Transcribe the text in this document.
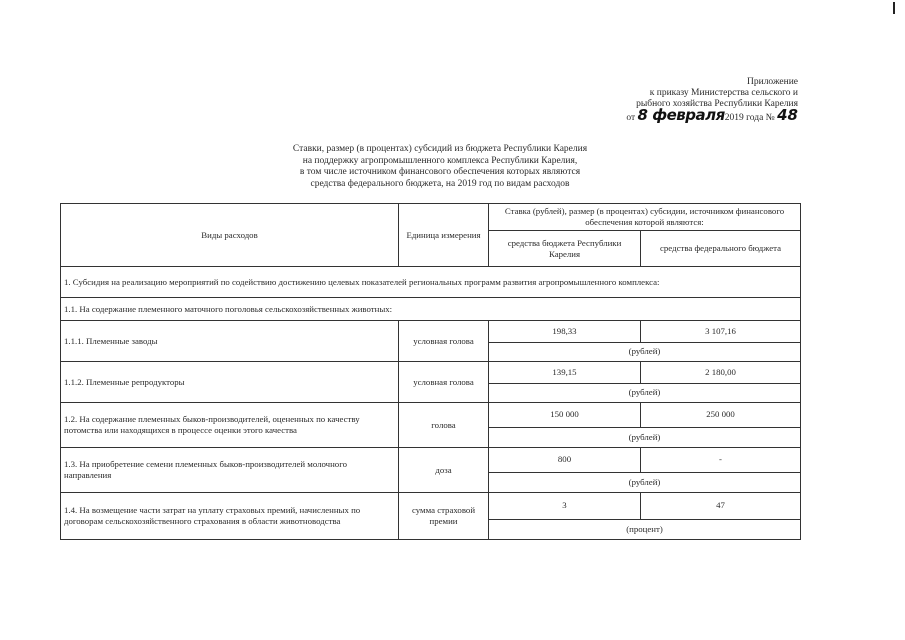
Приложение
к приказу Министерства сельского и
рыбного хозяйства Республики Карелия
от 8 февраля2019 года № 48
Ставки, размер (в процентах) субсидий из бюджета Республики Карелия
на поддержку агропромышленного комплекса Республики Карелия,
в том числе источником финансового обеспечения которых являются
средства федерального бюджета, на 2019 год по видам расходов
Виды расходов	Единица измерения	Ставка (рублей), размер (в процентах) субсидии, источником финансового обеспечения которой являются:	
		средства бюджета Республики Карелия	средства федерального бюджета
1. Субсидия на реализацию мероприятий по содействию достижению целевых показателей региональных программ развития агропромышленного комплекса:			
1.1. На содержание племенного маточного поголовья сельскохозяйственных животных:			
1.1.1. Племенные заводы	условная голова	198,33	3 107,16
		(рублей)	
1.1.2. Племенные репродукторы	условная голова	139,15	2 180,00
		(рублей)	
1.2. На содержание племенных быков-производителей, оцененных по качеству потомства или находящихся в процессе оценки этого качества	голова	150 000	250 000
		(рублей)	
1.3. На приобретение семени племенных быков-производителей молочного направления	доза	800	-
		(рублей)	
1.4. На возмещение части затрат на уплату страховых премий, начисленных по договорам сельскохозяйственного страхования в области животноводства	сумма страховой премии	3	47
		(процент)	
